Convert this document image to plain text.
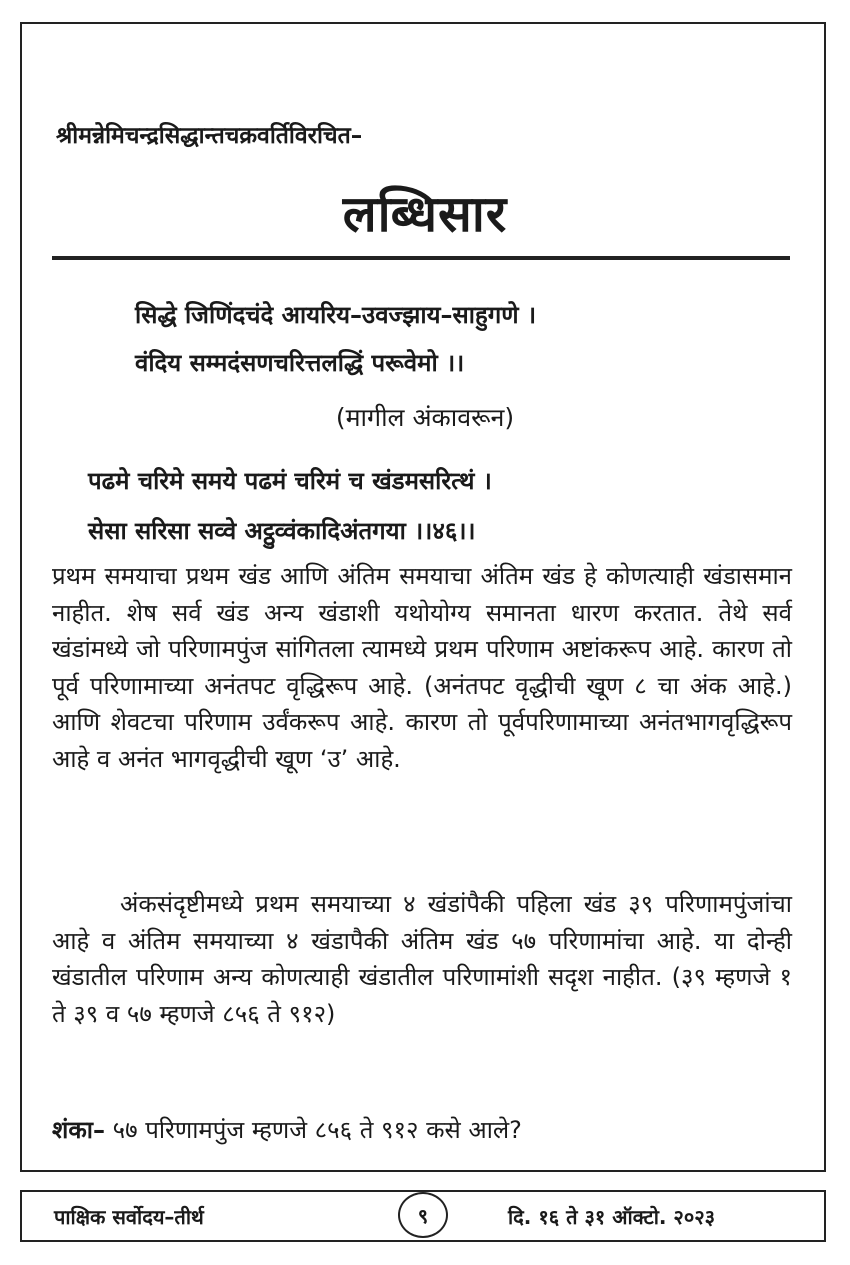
श्रीमन्नेमिचन्द्रसिद्धान्तचक्रवर्तिविरचित–
लब्धिसार
सिद्धे जिणिंदचंदे आयरिय–उवज्झाय–साहुगणे ।
वंदिय सम्मदंसणचरित्तलद्धिं परूवेमो ।।
(मागील अंकावरून)
पढमे चरिमे समये पढमं चरिमं च खंडमसरित्थं ।
सेसा सरिसा सव्वे अट्ठुव्वंकादिअंतगया ।।४६।।
प्रथम समयाचा प्रथम खंड आणि अंतिम समयाचा अंतिम खंड हे कोणत्याही खंडासमान नाहीत. शेष सर्व खंड अन्य खंडाशी यथोयोग्य समानता धारण करतात. तेथे सर्व खंडांमध्ये जो परिणामपुंज सांगितला त्यामध्ये प्रथम परिणाम अष्टांकरूप आहे. कारण तो पूर्व परिणामाच्या अनंतपट वृद्धिरूप आहे. (अनंतपट वृद्धीची खूण ८ चा अंक आहे.) आणि शेवटचा परिणाम उर्वंकरूप आहे. कारण तो पूर्वपरिणामाच्या अनंतभागवृद्धिरूप आहे व अनंत भागवृद्धीची खूण ‘उ’ आहे.
अंकसंदृष्टीमध्ये प्रथम समयाच्या ४ खंडांपैकी पहिला खंड ३९ परिणामपुंजांचा आहे व अंतिम समयाच्या ४ खंडापैकी अंतिम खंड ५७ परिणामांचा आहे. या दोन्ही खंडातील परिणाम अन्य कोणत्याही खंडातील परिणामांशी सदृश नाहीत. (३९ म्हणजे १ ते ३९ व ५७ म्हणजे ८५६ ते ९१२)
शंका– ५७ परिणामपुंज म्हणजे ८५६ ते ९१२ कसे आले?
पाक्षिक सर्वोदय–तीर्थ	९	दि. १६ ते ३१ ऑक्टो. २०२३
